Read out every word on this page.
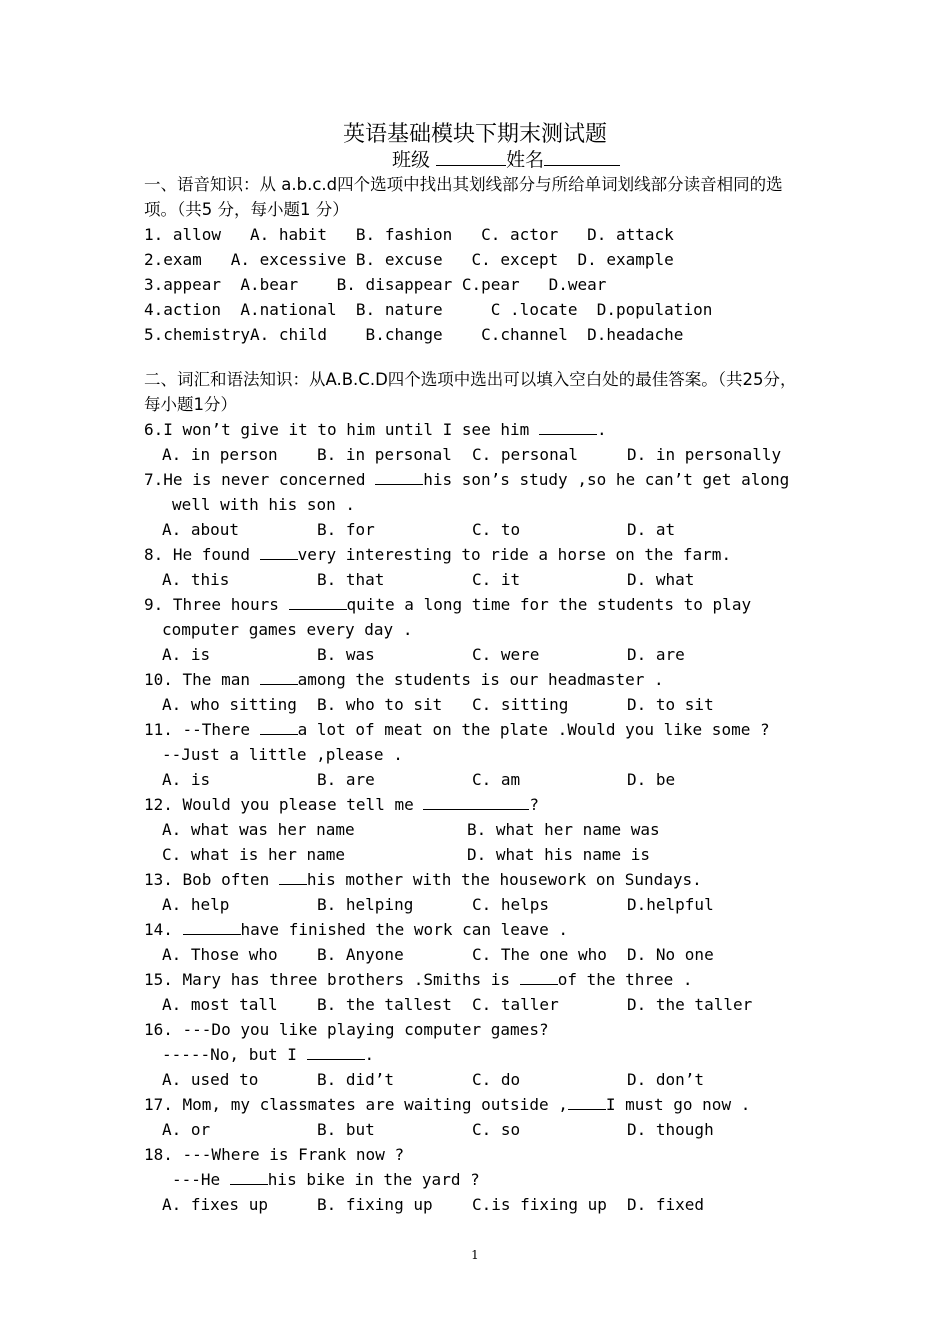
英语基础模块下期末测试题
班级	姓名
一、语音知识：从 a.b.c.d四个选项中找出其划线部分与所给单词划线部分读音相同的选项。（共5 分，每小题1 分）
1. allow   A. habit   B. fashion   C. actor   D. attack
2.exam   A. excessive B. excuse   C. except  D. example
3.appear  A.bear    B. disappear C.pear   D.wear
4.action  A.national  B. nature     C .locate  D.population
5.chemistryA. child    B.change    C.channel  D.headache
二、词汇和语法知识：从A.B.C.D四个选项中选出可以填入空白处的最佳答案。（共25分，每小题1分）
6.I won’t give it to him until I see him	.
A. in person B. in personal C. personal	D. in personally
7.He is never concerned	his son’s study ,so he can’t get along
well with his son .
A. about	B. for	C. to	D. at
8. He found very interesting to ride a horse on the farm.
A. this	B. that	C. it	D. what
9. Three hours	quite a long time for the students to play
computer games every day .
A. is	B. was	C. were	D. are
10. The man among the students is our headmaster .
A. who sitting B. who to sit C. sitting	D. to sit
11. --There a lot of meat on the plate .Would you like some ?
--Just a little ,please .
A. is	B. are	C. am	D. be
12. Would you please tell me	?
A. what was her name	B. what her name was
C. what is her name	D. what his name is
13. Bob often his mother with the housework on Sundays.
A. help	B. helping	C. helps	D.helpful
14.	have finished the work can leave .
A. Those who B. Anyone	C. The one who D. No one
15. Mary has three brothers .Smiths is of the three .
A. most tall B. the tallest C. taller	D. the taller
16. ---Do you like playing computer games?
-----No, but I	.
A. used to	B. did’t	C. do	D. don’t
17. Mom, my classmates are waiting outside , I must go now .
A. or	B. but	C. so	D. though
18. ---Where is Frank now ?
---He his bike in the yard ?
A. fixes up	B. fixing up C.is fixing up D. fixed
1
